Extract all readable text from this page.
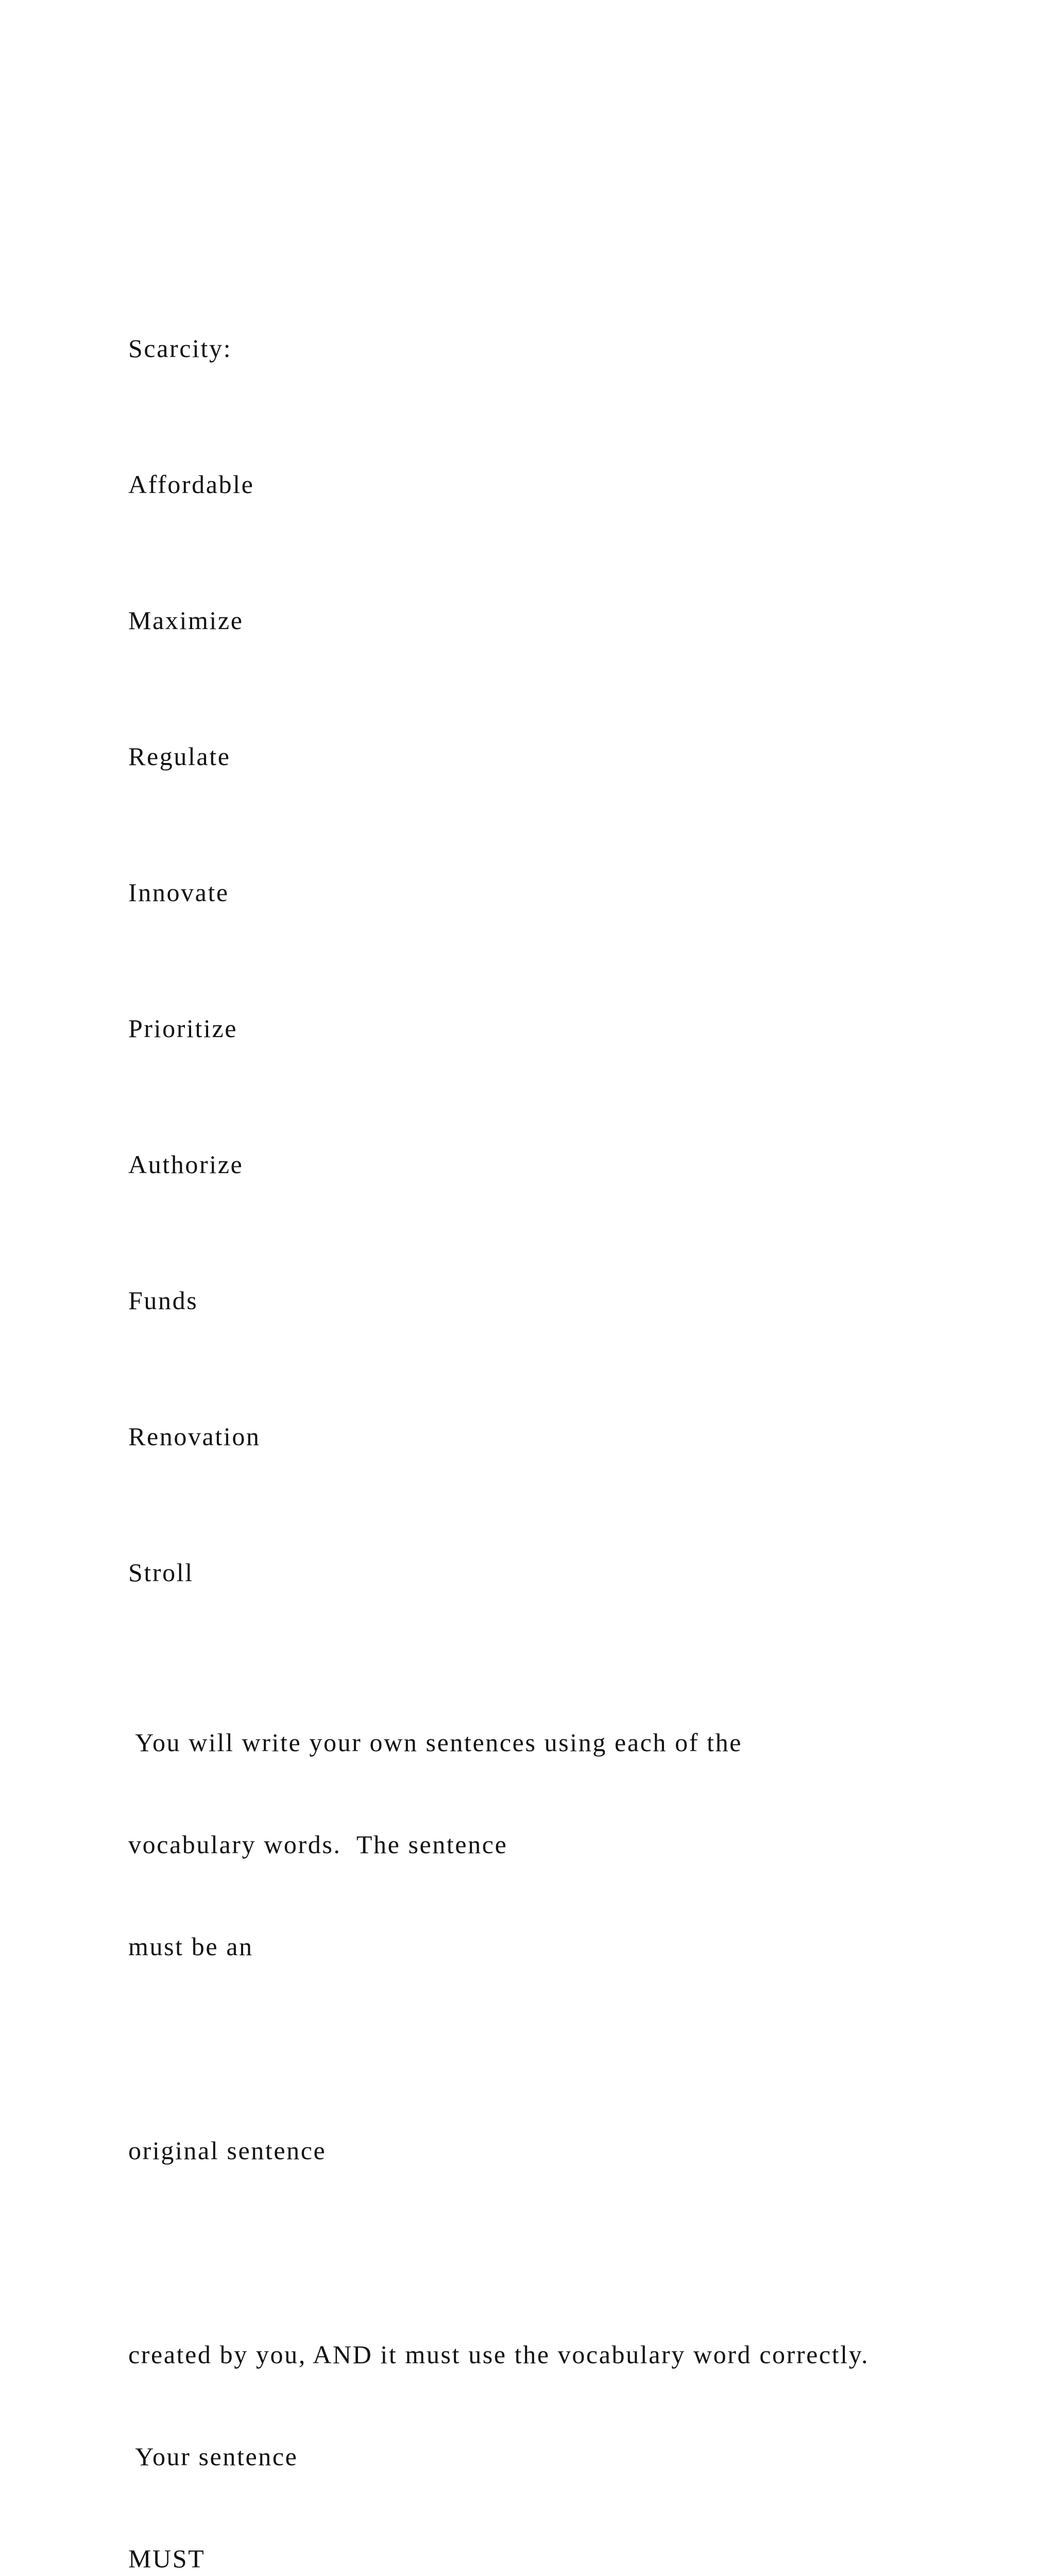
Scarcity:

Affordable

Maximize

Regulate

Innovate

Prioritize

Authorize

Funds

Renovation

Stroll

You will write your own sentences using each of the

vocabulary words.  The sentence

must be an

original sentence

created by you, AND it must use the vocabulary word correctly.

Your sentence

MUST
